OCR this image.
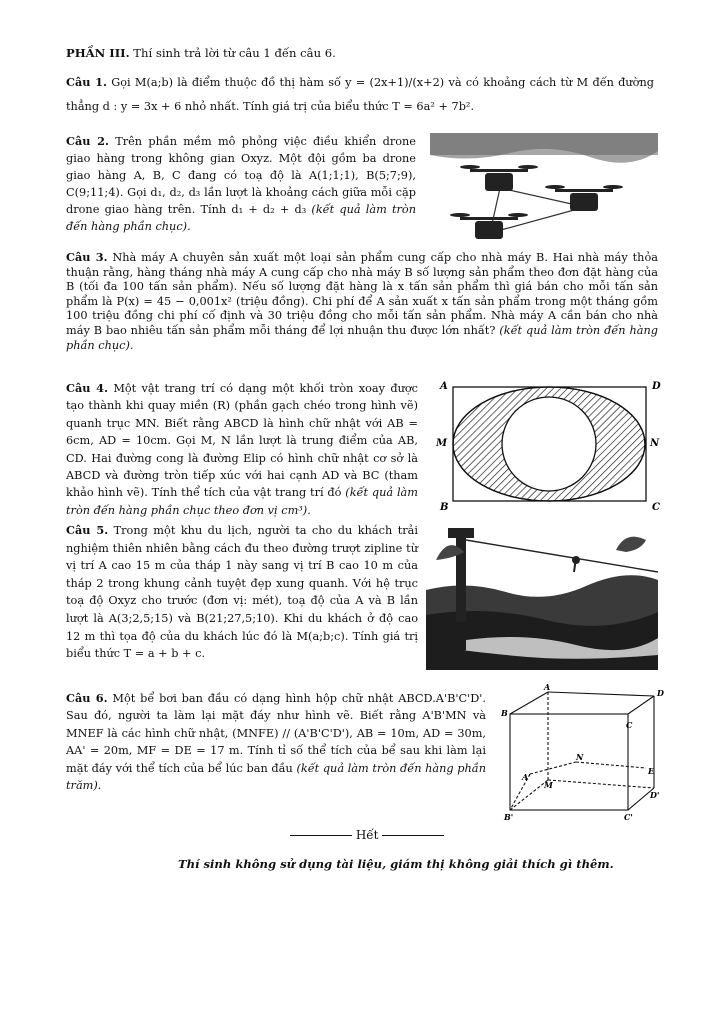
PHẦN III. Thí sinh trả lời từ câu 1 đến câu 6.
Câu 1. Gọi M(a;b) là điểm thuộc đồ thị hàm số y = (2x+1)/(x+2) và có khoảng cách từ M đến đường thẳng d : y = 3x + 6 nhỏ nhất. Tính giá trị của biểu thức T = 6a² + 7b².
Câu 2. Trên phần mềm mô phỏng việc điều khiển drone giao hàng trong không gian Oxyz. Một đội gồm ba drone giao hàng A, B, C đang có toạ độ là A(1;1;1), B(5;7;9), C(9;11;4). Gọi d₁, d₂, d₃ lần lượt là khoảng cách giữa mỗi cặp drone giao hàng trên. Tính d₁ + d₂ + d₃ (kết quả làm tròn đến hàng phần chục).
Câu 3. Nhà máy A chuyên sản xuất một loại sản phẩm cung cấp cho nhà máy B. Hai nhà máy thỏa thuận rằng, hàng tháng nhà máy A cung cấp cho nhà máy B số lượng sản phẩm theo đơn đặt hàng của B (tối đa 100 tấn sản phẩm). Nếu số lượng đặt hàng là x tấn sản phẩm thì giá bán cho mỗi tấn sản phẩm là P(x) = 45 − 0,001x² (triệu đồng). Chi phí để A sản xuất x tấn sản phẩm trong một tháng gồm 100 triệu đồng chi phí cố định và 30 triệu đồng cho mỗi tấn sản phẩm. Nhà máy A cần bán cho nhà máy B bao nhiêu tấn sản phẩm mỗi tháng để lợi nhuận thu được lớn nhất? (kết quả làm tròn đến hàng phần chục).
Câu 4. Một vật trang trí có dạng một khối tròn xoay được tạo thành khi quay miền (R) (phần gạch chéo trong hình vẽ) quanh trục MN. Biết rằng ABCD là hình chữ nhật với AB = 6cm, AD = 10cm. Gọi M, N lần lượt là trung điểm của AB, CD. Hai đường cong là đường Elip có hình chữ nhật cơ sở là ABCD và đường tròn tiếp xúc với hai cạnh AD và BC (tham khảo hình vẽ). Tính thể tích của vật trang trí đó (kết quả làm tròn đến hàng phần chục theo đơn vị cm³).
A	D
M	N
B	C
Câu 5. Trong một khu du lịch, người ta cho du khách trải nghiệm thiên nhiên bằng cách đu theo đường trượt zipline từ vị trí A cao 15 m của tháp 1 này sang vị trí B cao 10 m của tháp 2 trong khung cảnh tuyệt đẹp xung quanh. Với hệ trục toạ độ Oxyz cho trước (đơn vị: mét), toạ độ của A và B lần lượt là A(3;2,5;15) và B(21;27,5;10). Khi du khách ở độ cao 12 m thì tọa độ của du khách lúc đó là M(a;b;c). Tính giá trị biểu thức T = a + b + c.
Câu 6. Một bể bơi ban đầu có dạng hình hộp chữ nhật ABCD.A'B'C'D'. Sau đó, người ta làm lại mặt đáy như hình vẽ. Biết rằng A'B'MN và MNEF là các hình chữ nhật, (MNFE) // (A'B'C'D'), AB = 10m, AD = 30m, AA' = 20m, MF = DE = 17 m. Tính tỉ số thể tích của bể sau khi làm lại mặt đáy với thể tích của bể lúc ban đầu (kết quả làm tròn đến hàng phần trăm).
A
D
B
C
N
E
A'
M
D'
B'	C'
Hết
Thí sinh không sử dụng tài liệu, giám thị không giải thích gì thêm.
